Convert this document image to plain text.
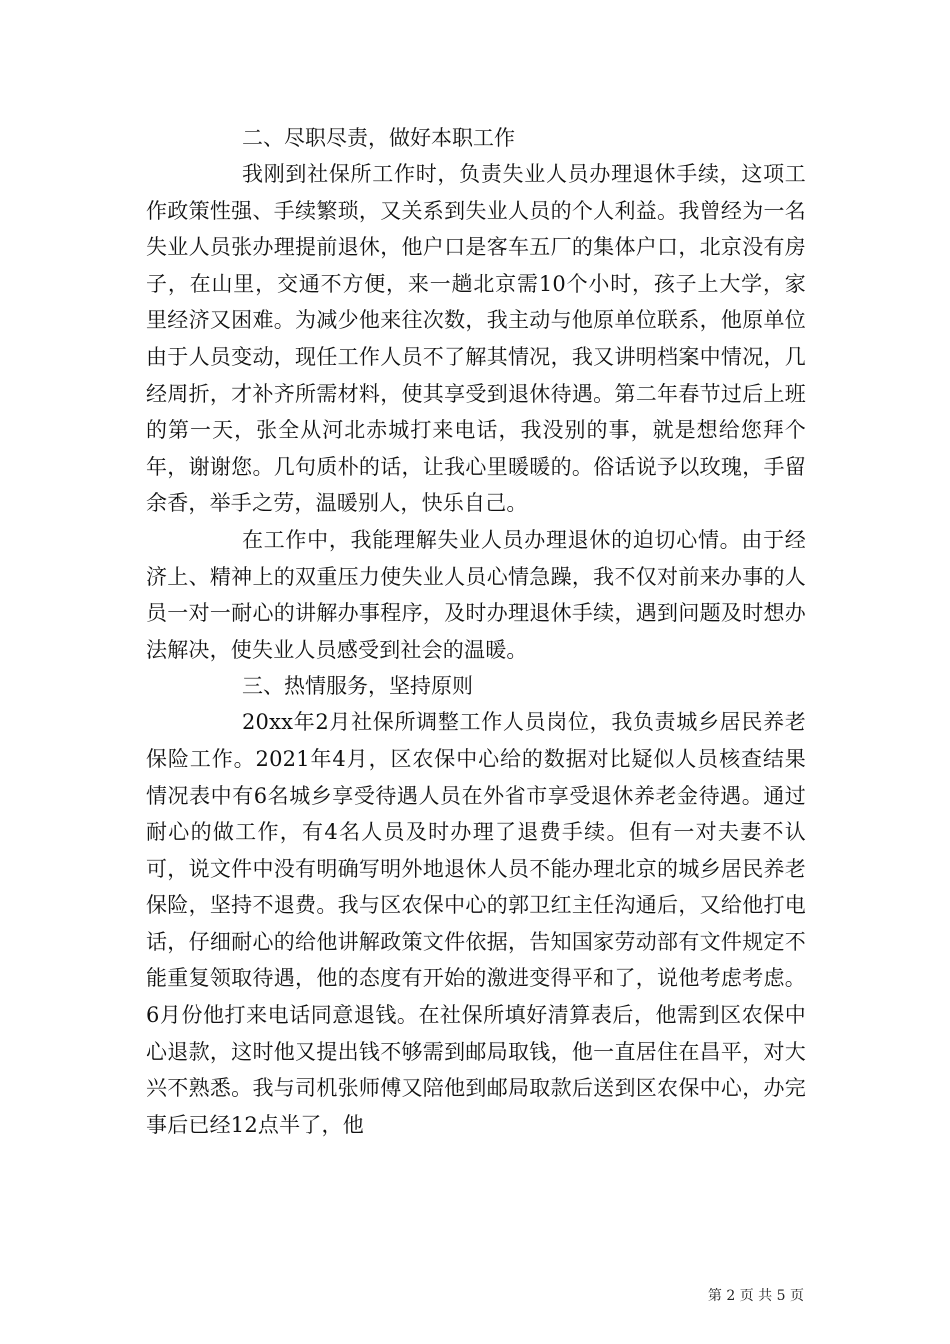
二、尽职尽责，做好本职工作

我刚到社保所工作时，负责失业人员办理退休手续，这项工作政策性强、手续繁琐，又关系到失业人员的个人利益。我曾经为一名失业人员张办理提前退休，他户口是客车五厂的集体户口，北京没有房子，在山里，交通不方便，来一趟北京需10个小时，孩子上大学，家里经济又困难。为减少他来往次数，我主动与他原单位联系，他原单位由于人员变动，现任工作人员不了解其情况，我又讲明档案中情况，几经周折，才补齐所需材料，使其享受到退休待遇。第二年春节过后上班的第一天，张全从河北赤城打来电话，我没别的事，就是想给您拜个年，谢谢您。几句质朴的话，让我心里暖暖的。俗话说予以玫瑰，手留余香，举手之劳，温暖别人，快乐自己。

在工作中，我能理解失业人员办理退休的迫切心情。由于经济上、精神上的双重压力使失业人员心情急躁，我不仅对前来办事的人员一对一耐心的讲解办事程序，及时办理退休手续，遇到问题及时想办法解决，使失业人员感受到社会的温暖。

三、热情服务，坚持原则

20xx年2月社保所调整工作人员岗位，我负责城乡居民养老保险工作。2021年4月，区农保中心给的数据对比疑似人员核查结果情况表中有6名城乡享受待遇人员在外省市享受退休养老金待遇。通过耐心的做工作，有4名人员及时办理了退费手续。但有一对夫妻不认可，说文件中没有明确写明外地退休人员不能办理北京的城乡居民养老保险，坚持不退费。我与区农保中心的郭卫红主任沟通后，又给他打电话，仔细耐心的给他讲解政策文件依据，告知国家劳动部有文件规定不能重复领取待遇，他的态度有开始的激进变得平和了，说他考虑考虑。6月份他打来电话同意退钱。在社保所填好清算表后，他需到区农保中心退款，这时他又提出钱不够需到邮局取钱，他一直居住在昌平，对大兴不熟悉。我与司机张师傅又陪他到邮局取款后送到区农保中心，办完事后已经12点半了，他

第 2 页 共 5 页
